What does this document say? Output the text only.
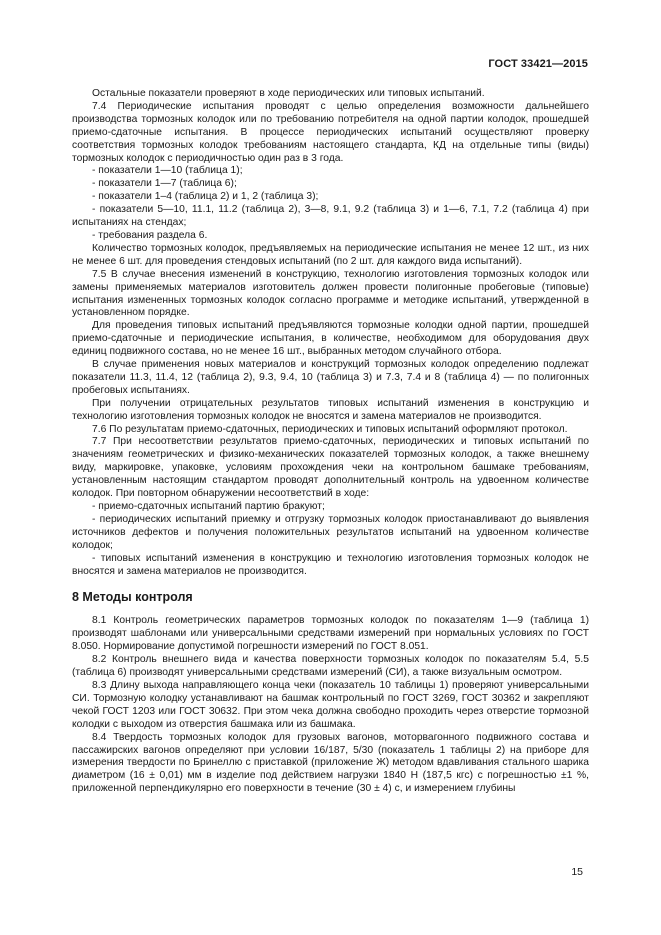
ГОСТ 33421—2015

Остальные показатели проверяют в ходе периодических или типовых испытаний.

7.4 Периодические испытания проводят с целью определения возможности дальнейшего производства тормозных колодок или по требованию потребителя на одной партии колодок, прошедшей приемо-сдаточные испытания. В процессе периодических испытаний осуществляют проверку соответствия тормозных колодок требованиям настоящего стандарта, КД на отдельные типы (виды) тормозных колодок с периодичностью один раз в 3 года.

- показатели 1—10 (таблица 1);

- показатели 1—7 (таблица 6);

- показатели 1–4 (таблица 2) и 1, 2 (таблица 3);

- показатели 5—10, 11.1, 11.2 (таблица 2), 3—8, 9.1, 9.2 (таблица 3) и 1—6, 7.1, 7.2 (таблица 4) при испытаниях на стендах;

- требования раздела 6.

Количество тормозных колодок, предъявляемых на периодические испытания не менее 12 шт., из них не менее 6 шт. для проведения стендовых испытаний (по 2 шт. для каждого вида испытаний).

7.5 В случае внесения изменений в конструкцию, технологию изготовления тормозных колодок или замены применяемых материалов изготовитель должен провести полигонные пробеговые (типовые) испытания измененных тормозных колодок согласно программе и методике испытаний, утвержденной в установленном порядке.

Для проведения типовых испытаний предъявляются тормозные колодки одной партии, прошедшей приемо-сдаточные и периодические испытания, в количестве, необходимом для оборудования двух единиц подвижного состава, но не менее 16 шт., выбранных методом случайного отбора.

В случае применения новых материалов и конструкций тормозных колодок определению подлежат показатели 11.3, 11.4, 12 (таблица 2), 9.3, 9.4, 10 (таблица 3) и 7.3, 7.4 и 8 (таблица 4) — по полигонных пробеговых испытаниях.

При получении отрицательных результатов типовых испытаний изменения в конструкцию и технологию изготовления тормозных колодок не вносятся и замена материалов не производится.

7.6 По результатам приемо-сдаточных, периодических и типовых испытаний оформляют протокол.

7.7 При несоответствии результатов приемо-сдаточных, периодических и типовых испытаний по значениям геометрических и физико-механических показателей тормозных колодок, а также внешнему виду, маркировке, упаковке, условиям прохождения чеки на контрольном башмаке требованиям, установленным настоящим стандартом проводят дополнительный контроль на удвоенном количестве колодок. При повторном обнаружении несоответствий в ходе:

- приемо-сдаточных испытаний партию бракуют;

- периодических испытаний приемку и отгрузку тормозных колодок приостанавливают до выявления источников дефектов и получения положительных результатов испытаний на удвоенном количестве колодок;

- типовых испытаний изменения в конструкцию и технологию изготовления тормозных колодок не вносятся и замена материалов не производится.

8 Методы контроля

8.1 Контроль геометрических параметров тормозных колодок по показателям 1—9 (таблица 1) производят шаблонами или универсальными средствами измерений при нормальных условиях по ГОСТ 8.050. Нормирование допустимой погрешности измерений по ГОСТ 8.051.

8.2 Контроль внешнего вида и качества поверхности тормозных колодок по показателям 5.4, 5.5 (таблица 6) производят универсальными средствами измерений (СИ), а также визуальным осмотром.

8.3 Длину выхода направляющего конца чеки (показатель 10 таблицы 1) проверяют универсальными СИ. Тормозную колодку устанавливают на башмак контрольный по ГОСТ 3269, ГОСТ 30362 и закрепляют чекой ГОСТ 1203 или ГОСТ 30632. При этом чека должна свободно проходить через отверстие тормозной колодки с выходом из отверстия башмака или из башмака.

8.4 Твердость тормозных колодок для грузовых вагонов, моторвагонного подвижного состава и пассажирских вагонов определяют при условии 16/187, 5/30 (показатель 1 таблицы 2) на приборе для измерения твердости по Бринеллю с приставкой (приложение Ж) методом вдавливания стального шарика диаметром (16 ± 0,01) мм в изделие под действием нагрузки 1840 Н (187,5 кгс) с погрешностью ±1 %, приложенной перпендикулярно его поверхности в течение (30 ± 4) с, и измерением глубины

15
